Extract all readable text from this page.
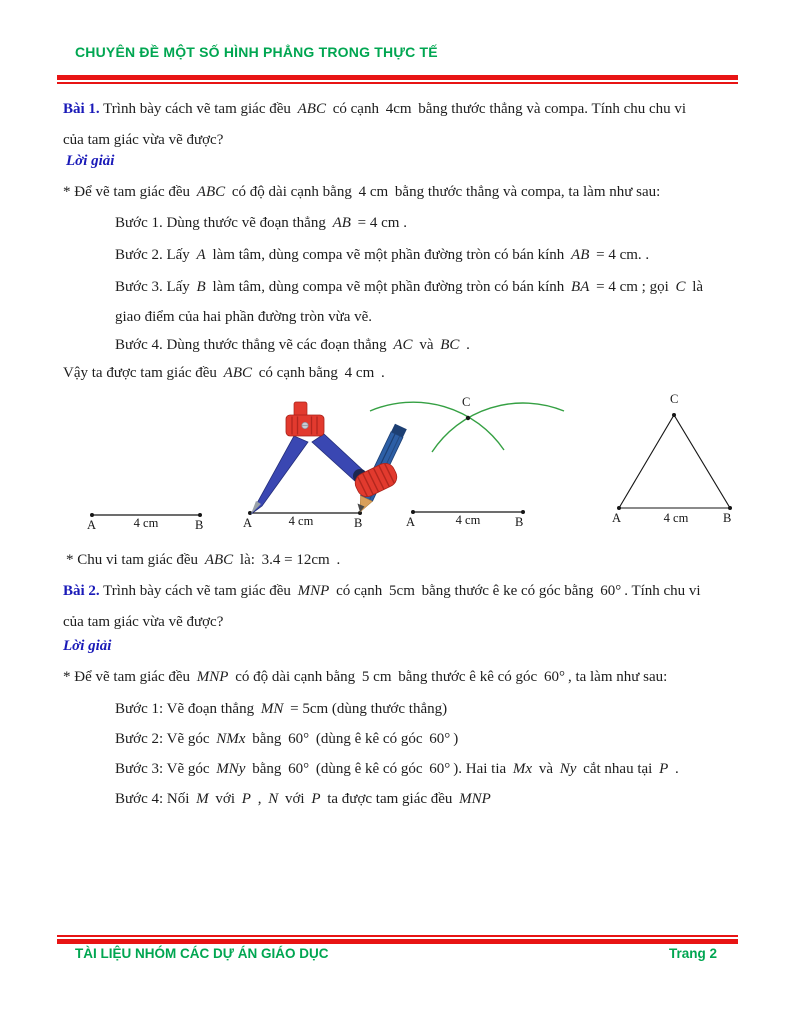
CHUYÊN ĐỀ MỘT SỐ HÌNH PHẲNG TRONG THỰC TẾ
Bài 1. Trình bày cách vẽ tam giác đều ABC có cạnh 4cm bằng thước thẳng và compa. Tính chu chu vi
của tam giác vừa vẽ được?
Lời giải
* Để vẽ tam giác đều ABC có độ dài cạnh bằng 4 cm bằng thước thẳng và compa, ta làm như sau:
Bước 1. Dùng thước vẽ đoạn thẳng AB = 4 cm .
Bước 2. Lấy A làm tâm, dùng compa vẽ một phần đường tròn có bán kính AB = 4 cm. .
Bước 3. Lấy B làm tâm, dùng compa vẽ một phần đường tròn có bán kính BA = 4 cm ; gọi C là
giao điểm của hai phần đường tròn vừa vẽ.
Bước 4. Dùng thước thẳng vẽ các đoạn thẳng AC và BC .
Vậy ta được tam giác đều ABC có cạnh bằng 4 cm .
* Chu vi tam giác đều ABC là: 3.4 = 12cm .
Bài 2. Trình bày cách vẽ tam giác đều MNP có cạnh 5cm bằng thước ê ke có góc bằng 60° . Tính chu vi
của tam giác vừa vẽ được?
Lời giải
* Để vẽ tam giác đều MNP có độ dài cạnh bằng 5 cm bằng thước ê kê có góc 60° , ta làm như sau:
Bước 1: Vẽ đoạn thẳng MN = 5cm (dùng thước thẳng)
Bước 2: Vẽ góc NMx bằng 60° (dùng ê kê có góc 60° )
Bước 3: Vẽ góc MNy bằng 60° (dùng ê kê có góc 60° ). Hai tia Mx và Ny cắt nhau tại P .
Bước 4: Nối M với P , N với P ta được tam giác đều MNP
A	4 cm	B	A	4 cm	B
C
A	4 cm	B
C
A	4 cm	B
TÀI LIỆU NHÓM CÁC DỰ ÁN GIÁO DỤC	Trang 2
